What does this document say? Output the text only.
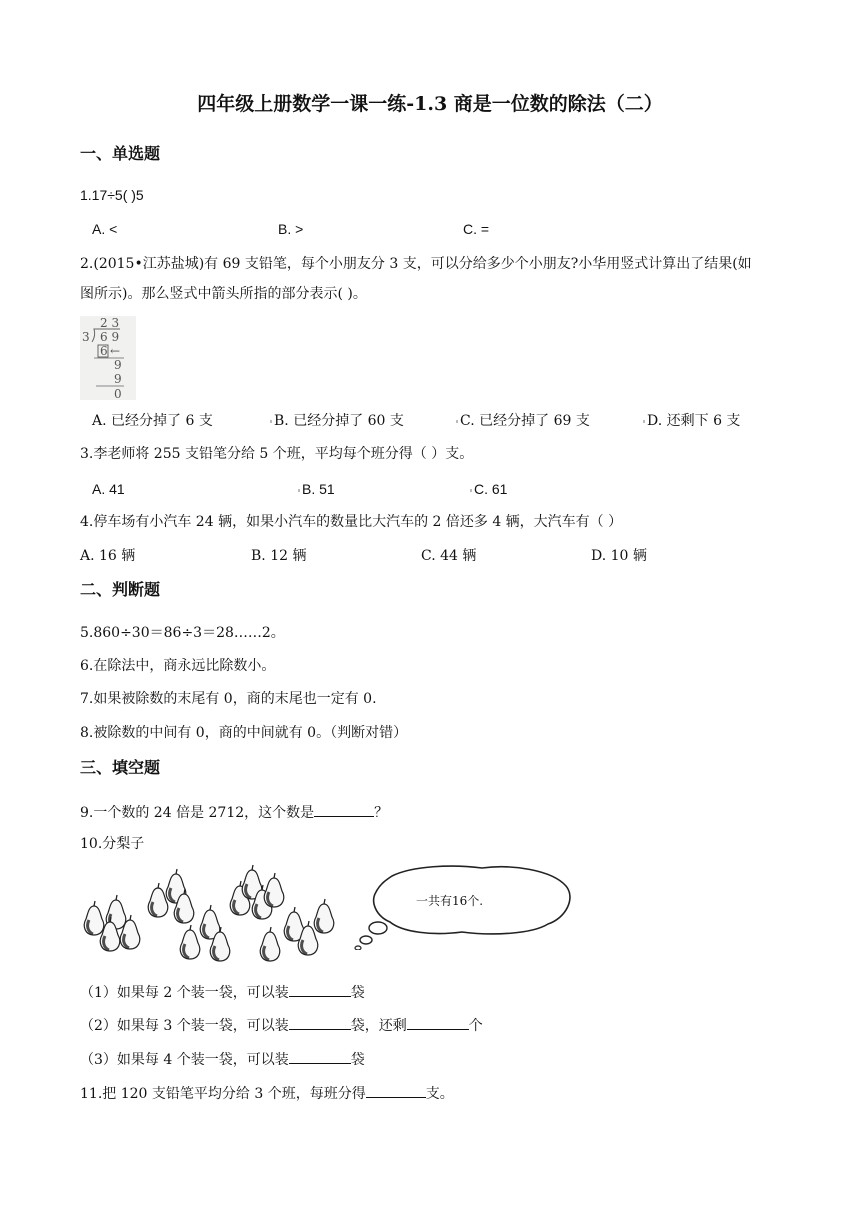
四年级上册数学一课一练-1.3 商是一位数的除法（二）
一、单选题
1.17÷5( )5
A. <	B. >	C. =
2.(2015•江苏盐城)有 69 支铅笔，每个小朋友分 3 支，可以分给多少个小朋友?小华用竖式计算出了结果(如
图所示)。那么竖式中箭头所指的部分表示( )。
2 3
3 6 9
6 ←
9
9
0
A. 已经分掉了 6 支	B. 已经分掉了 60 支	C. 已经分掉了 69 支	D. 还剩下 6 支
3.李老师将 255 支铅笔分给 5 个班，平均每个班分得（ ）支。
A. 41	B. 51	C. 61
4.停车场有小汽车 24 辆，如果小汽车的数量比大汽车的 2 倍还多 4 辆，大汽车有（ ）
A. 16 辆	B. 12 辆	C. 44 辆	D. 10 辆
二、判断题
5.860÷30＝86÷3＝28……2。
6.在除法中，商永远比除数小。
7.如果被除数的末尾有 0，商的末尾也一定有 0.
8.被除数的中间有 0，商的中间就有 0。（判断对错）
三、填空题
9.一个数的 24 倍是 2712，这个数是	？
10.分梨子
一共有16个.
（1）如果每 2 个装一袋，可以装	袋
（2）如果每 3 个装一袋，可以装	袋，还剩	个
（3）如果每 4 个装一袋，可以装	袋
11.把 120 支铅笔平均分给 3 个班，每班分得	支。
